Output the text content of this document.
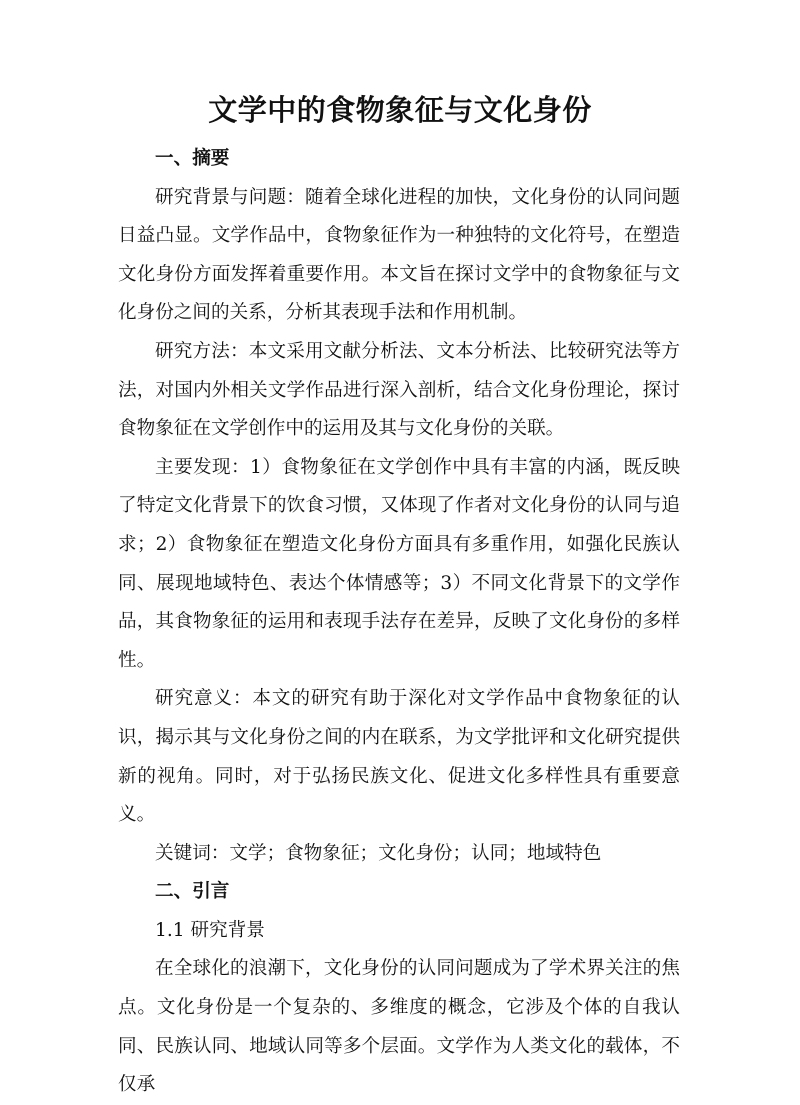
文学中的食物象征与文化身份
一、摘要

研究背景与问题：随着全球化进程的加快，文化身份的认同问题日益凸显。文学作品中，食物象征作为一种独特的文化符号，在塑造文化身份方面发挥着重要作用。本文旨在探讨文学中的食物象征与文化身份之间的关系，分析其表现手法和作用机制。

研究方法：本文采用文献分析法、文本分析法、比较研究法等方法，对国内外相关文学作品进行深入剖析，结合文化身份理论，探讨食物象征在文学创作中的运用及其与文化身份的关联。

主要发现：1）食物象征在文学创作中具有丰富的内涵，既反映了特定文化背景下的饮食习惯，又体现了作者对文化身份的认同与追求；2）食物象征在塑造文化身份方面具有多重作用，如强化民族认同、展现地域特色、表达个体情感等；3）不同文化背景下的文学作品，其食物象征的运用和表现手法存在差异，反映了文化身份的多样性。

研究意义：本文的研究有助于深化对文学作品中食物象征的认识，揭示其与文化身份之间的内在联系，为文学批评和文化研究提供新的视角。同时，对于弘扬民族文化、促进文化多样性具有重要意义。

关键词：文学；食物象征；文化身份；认同；地域特色

二、引言

1.1 研究背景

在全球化的浪潮下，文化身份的认同问题成为了学术界关注的焦点。文化身份是一个复杂的、多维度的概念，它涉及个体的自我认同、民族认同、地域认同等多个层面。文学作为人类文化的载体，不仅承
